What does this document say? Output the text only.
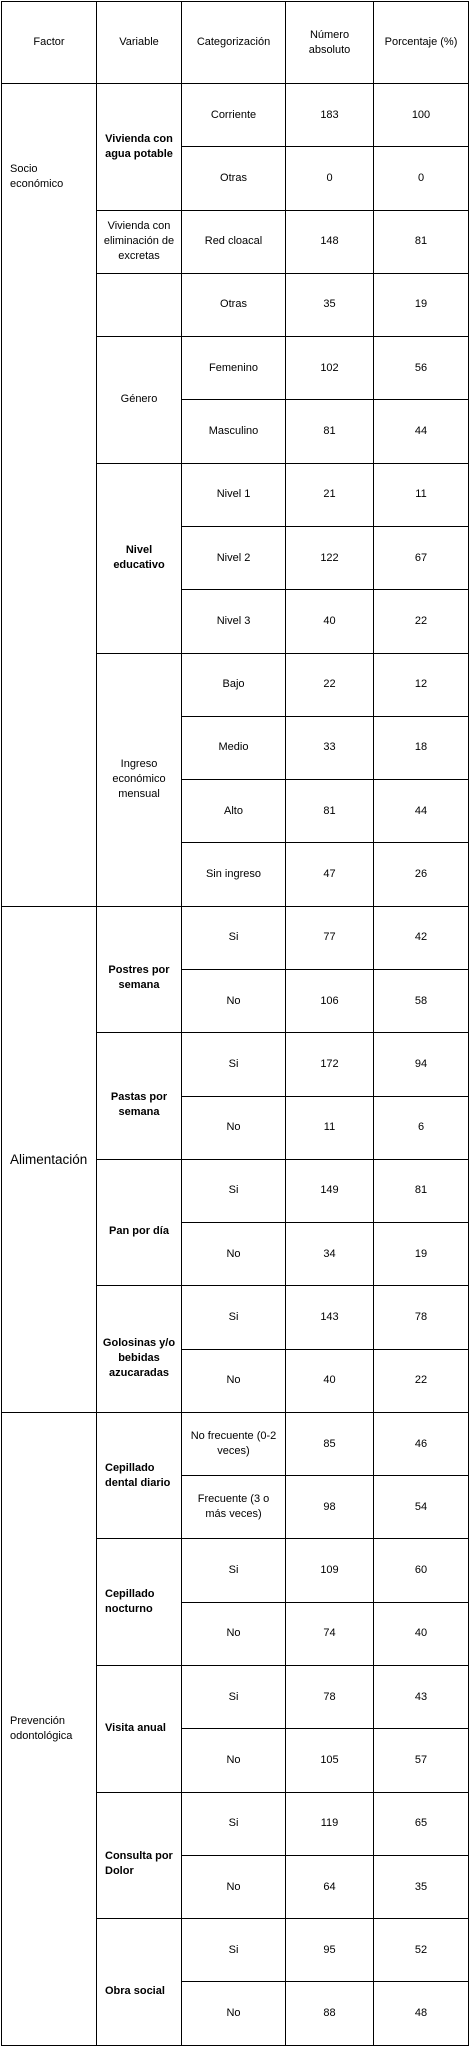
Factor	Variable	Categorización	Número absoluto	Porcentaje (%)
Socio económico	Vivienda con agua potable	Corriente	183	100
		Otras	0	0
	Vivienda con eliminación de excretas	Red cloacal	148	81
		Otras	35	19
	Género	Femenino	102	56
		Masculino	81	44
	Nivel educativo	Nivel 1	21	11
		Nivel 2	122	67
		Nivel 3	40	22
	Ingreso económico mensual	Bajo	22	12
		Medio	33	18
		Alto	81	44
		Sin ingreso	47	26
Alimentación	Postres por semana	Si	77	42
		No	106	58
	Pastas por semana	Si	172	94
		No	11	6
	Pan por día	Si	149	81
		No	34	19
	Golosinas y/o bebidas azucaradas	Si	143	78
		No	40	22
Prevención odontológica	Cepillado dental diario	No frecuente (0-2 veces)	85	46
		Frecuente (3 o más veces)	98	54
	Cepillado nocturno	Si	109	60
		No	74	40
	Visita anual	Si	78	43
		No	105	57
	Consulta por Dolor	Si	119	65
		No	64	35
	Obra social	Si	95	52
		No	88	48
